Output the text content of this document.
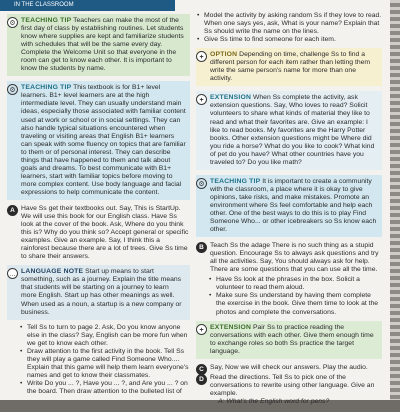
IN THE CLASSROOM
⚙ TEACHING TIP Teachers can make the most of the first day of class by establishing routines. Let students know where supplies are kept and familiarize students with schedules that will be the same every day. Complete the Welcome Unit so that everyone in the room can get to know each other. It is important to know the students by name.
⚙ TEACHING TIP This textbook is for B1+ level learners. B1+ level learners are at the high intermediate level. They can usually understand main ideas, especially those associated with familiar content used at work or school or in social settings. They can also handle typical situations encountered when traveling or visiting areas that English B1+ learners can speak with some fluency on topics that are familiar to them or of personal interest. They can describe things that have happened to them and talk about goals and dreams. To best communicate with B1+ learners, start with familiar topics before moving to more complex content. Use body language and facial expressions to help communicate the content.
A Have Ss get their textbooks out. Say, This is StartUp. We will use this book for our English class. Have Ss look at the cover of the book. Ask, Where do you think this is? Why do you think so? Accept general or specific examples. Give an example. Say, I think this a rainforest because there are a lot of trees. Give Ss time to share their answers.
… LANGUAGE NOTE Start up means to start something, such as a journey. Explain the title means that students will be starting on a journey to learn more English. Start up has other meanings as well. When used as a noun, a startup is a new company or business.
• Tell Ss to turn to page 2. Ask, Do you know anyone else in the class? Say, English can be more fun when we get to know each other.
• Draw attention to the first activity in the book. Tell Ss they will play a game called Find Someone Who.... Explain that this game will help them learn everyone's names and get to know their classmates.
• Write Do you ... ?, Have you ... ?, and Are you ... ? on the board. Then draw attention to the bulleted list of
• Model the activity by asking random Ss if they love to read. When one says yes, ask, What is your name? Explain that Ss should write the name on the lines.
• Give Ss time to find someone for each item.
+ OPTION Depending on time, challenge Ss to find a different person for each item rather than letting them write the same person's name for more than one activity.
+ EXTENSION When Ss complete the activity, ask extension questions. Say, Who loves to read? Solicit volunteers to share what kinds of material they like to read and what their favorites are. Give an example: I like to read books. My favorites are the Harry Potter books. Other extension questions might be Where did you ride a horse? What do you like to cook? What kind of pet do you have? What other countries have you traveled to? Do you like math?
⚙ TEACHING TIP It is important to create a community with the classroom, a place where it is okay to give opinions, take risks, and make mistakes. Promote an environment where Ss feel comfortable and help each other. One of the best ways to do this is to play Find Someone Who... or other icebreakers so Ss know each other.
B Teach Ss the adage There is no such thing as a stupid question. Encourage Ss to always ask questions and try all the activities. Say, You should always ask for help. There are some questions that you can use all the time.
• Have Ss look at the phrases in the box. Solicit a volunteer to read them aloud.
• Make sure Ss understand by having them complete the exercise in the book. Give them time to look at the photos and complete the conversations.
+ EXTENSION Pair Ss to practice reading the conversations with each other. Give them enough time to exchange roles so both Ss practice the target language.
C Say, Now we will check our answers. Play the audio.
D Read the directions. Tell Ss to pick one of the conversations to rewrite using other language. Give an example.
A: What's the English word for pens?
